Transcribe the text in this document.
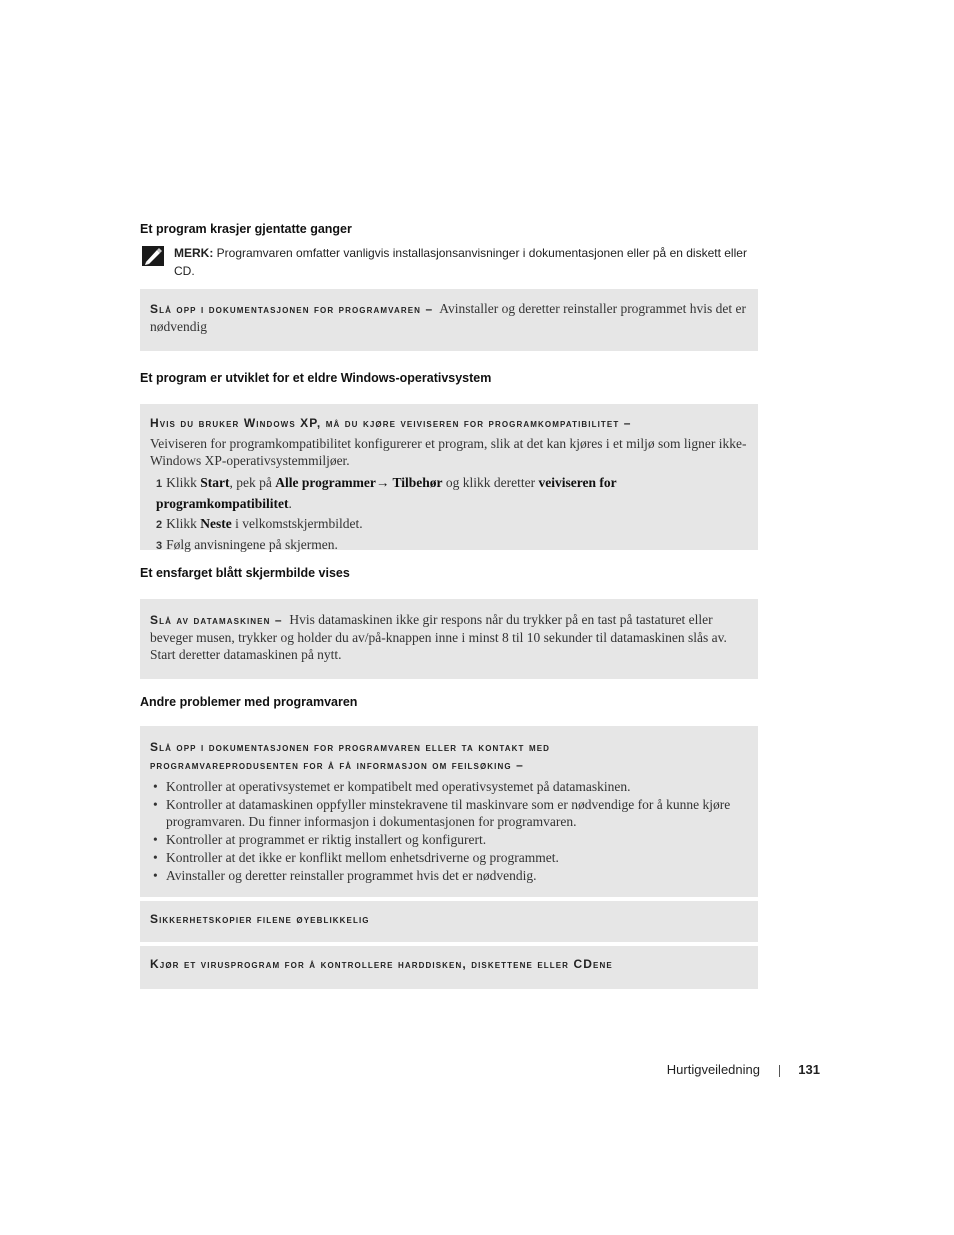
Et program krasjer gjentatte ganger
MERK: Programvaren omfatter vanligvis installasjonsanvisninger i dokumentasjonen eller på en diskett eller CD.
Slå opp i dokumentasjonen for programvaren – Avinstaller og deretter reinstaller programmet hvis det er nødvendig
Et program er utviklet for et eldre Windows-operativsystem
Hvis du bruker Windows XP, må du kjøre veiviseren for programkompatibilitet –
Veiviseren for programkompatibilitet konfigurerer et program, slik at det kan kjøres i et miljø som ligner ikke-Windows XP-operativsystemmiljøer.
1 Klikk Start, pek på Alle programmer→ Tilbehør og klikk deretter veiviseren for programkompatibilitet.
2 Klikk Neste i velkomstskjermbildet.
3 Følg anvisningene på skjermen.
Et ensfarget blått skjermbilde vises
Slå av datamaskinen – Hvis datamaskinen ikke gir respons når du trykker på en tast på tastaturet eller beveger musen, trykker og holder du av/på-knappen inne i minst 8 til 10 sekunder til datamaskinen slås av. Start deretter datamaskinen på nytt.
Andre problemer med programvaren
Slå opp i dokumentasjonen for programvaren eller ta kontakt med
programvareprodusenten for å få informasjon om feilsøking –
• Kontroller at operativsystemet er kompatibelt med operativsystemet på datamaskinen.
• Kontroller at datamaskinen oppfyller minstekravene til maskinvare som er nødvendige for å kunne kjøre programvaren. Du finner informasjon i dokumentasjonen for programvaren.
• Kontroller at programmet er riktig installert og konfigurert.
• Kontroller at det ikke er konflikt mellom enhetsdriverne og programmet.
• Avinstaller og deretter reinstaller programmet hvis det er nødvendig.
Sikkerhetskopier filene øyeblikkelig
Kjør et virusprogram for å kontrollere harddisken, diskettene eller CDene
Hurtigveiledning	131
